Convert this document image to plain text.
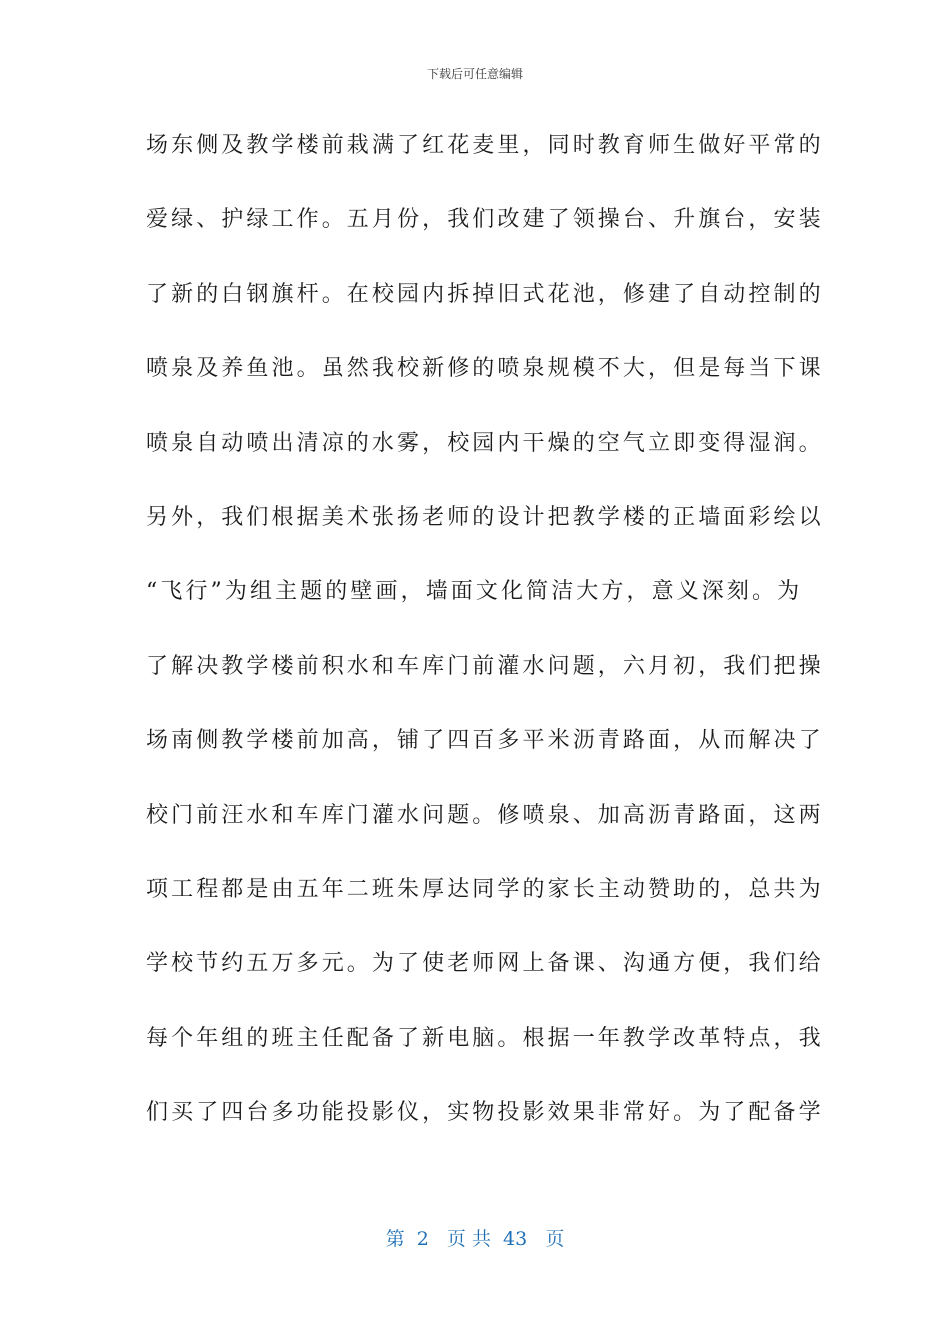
下载后可任意编辑
场东侧及教学楼前栽满了红花麦里，同时教育师生做好平常的
爱绿、护绿工作。五月份，我们改建了领操台、升旗台，安装
了新的白钢旗杆。在校园内拆掉旧式花池，修建了自动控制的
喷泉及养鱼池。虽然我校新修的喷泉规模不大，但是每当下课
喷泉自动喷出清凉的水雾，校园内干燥的空气立即变得湿润。
另外，我们根据美术张扬老师的设计把教学楼的正墙面彩绘以
“飞行”为组主题的壁画，墙面文化简洁大方，意义深刻。为
了解决教学楼前积水和车库门前灌水问题，六月初，我们把操
场南侧教学楼前加高，铺了四百多平米沥青路面，从而解决了
校门前汪水和车库门灌水问题。修喷泉、加高沥青路面，这两
项工程都是由五年二班朱厚达同学的家长主动赞助的，总共为
学校节约五万多元。为了使老师网上备课、沟通方便，我们给
每个年组的班主任配备了新电脑。根据一年教学改革特点，我
们买了四台多功能投影仪，实物投影效果非常好。为了配备学
第  2   页 共  43   页
